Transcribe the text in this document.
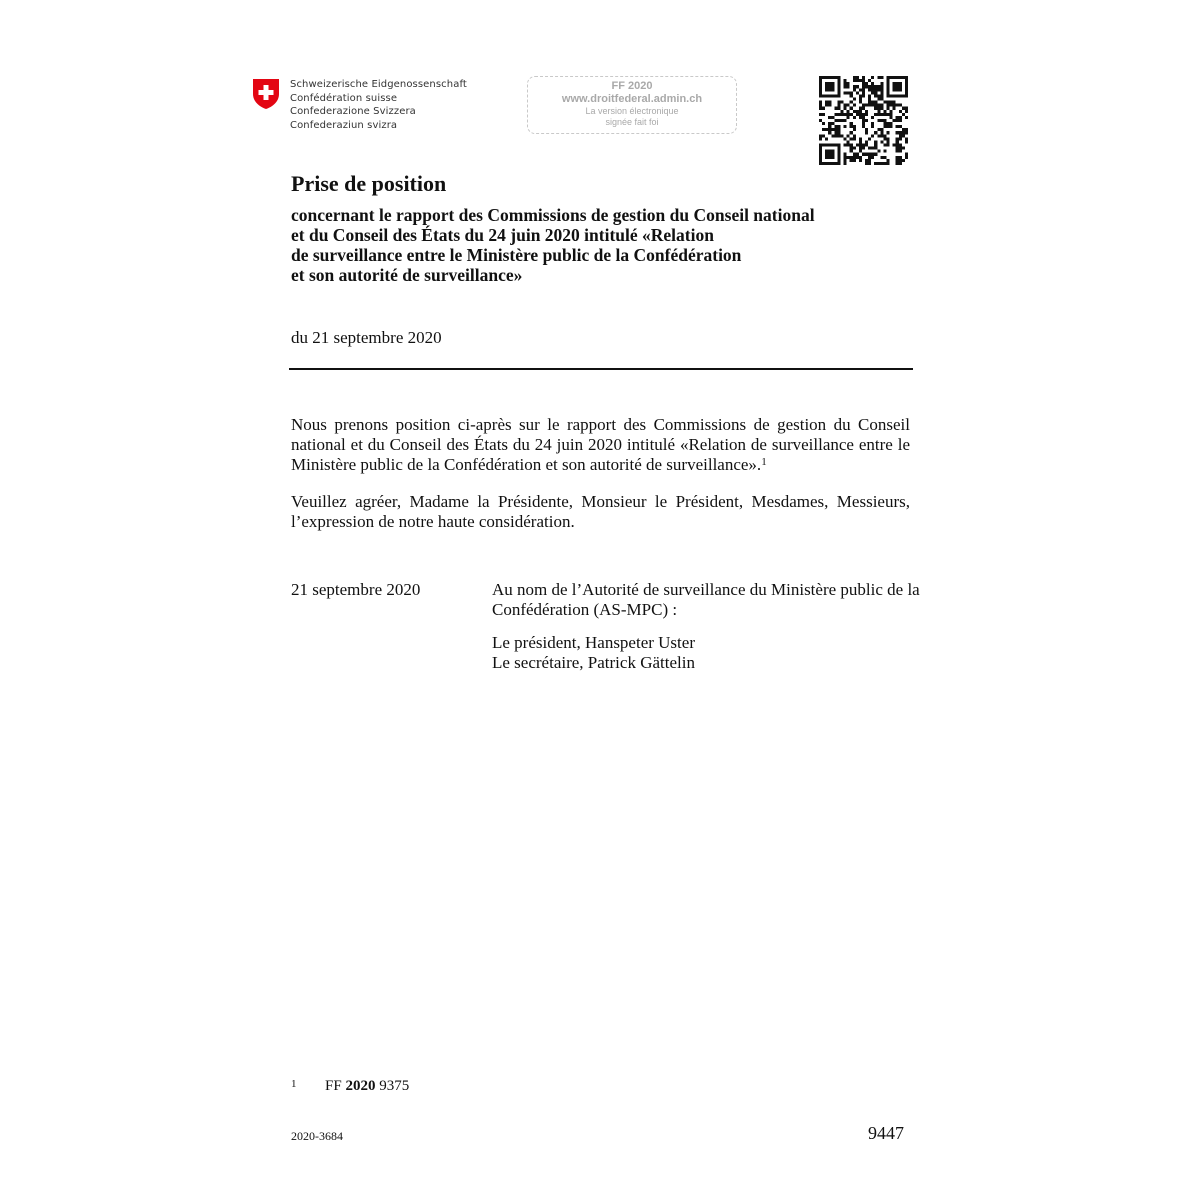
Schweizerische Eidgenossenschaft
Confédération suisse
Confederazione Svizzera
Confederaziun svizra
FF 2020
www.droitfederal.admin.ch
La version électronique
signée fait foi
Prise de position
concernant le rapport des Commissions de gestion du Conseil national
et du Conseil des États du 24 juin 2020 intitulé «Relation
de surveillance entre le Ministère public de la Confédération
et son autorité de surveillance»
du 21 septembre 2020
Nous prenons position ci-après sur le rapport des Commissions de gestion du Conseil national et du Conseil des États du 24 juin 2020 intitulé «Relation de surveillance entre le Ministère public de la Confédération et son autorité de surveillance».$^1$
Veuillez agréer, Madame la Présidente, Monsieur le Président, Mesdames, Messieurs, l’expression de notre haute considération.
21 septembre 2020	Au nom de l’Autorité de surveillance du Ministère public de la Confédération (AS-MPC) :
Le président, Hanspeter Uster
Le secrétaire, Patrick Gättelin
1 FF 2020 9375
2020-3684	9447
